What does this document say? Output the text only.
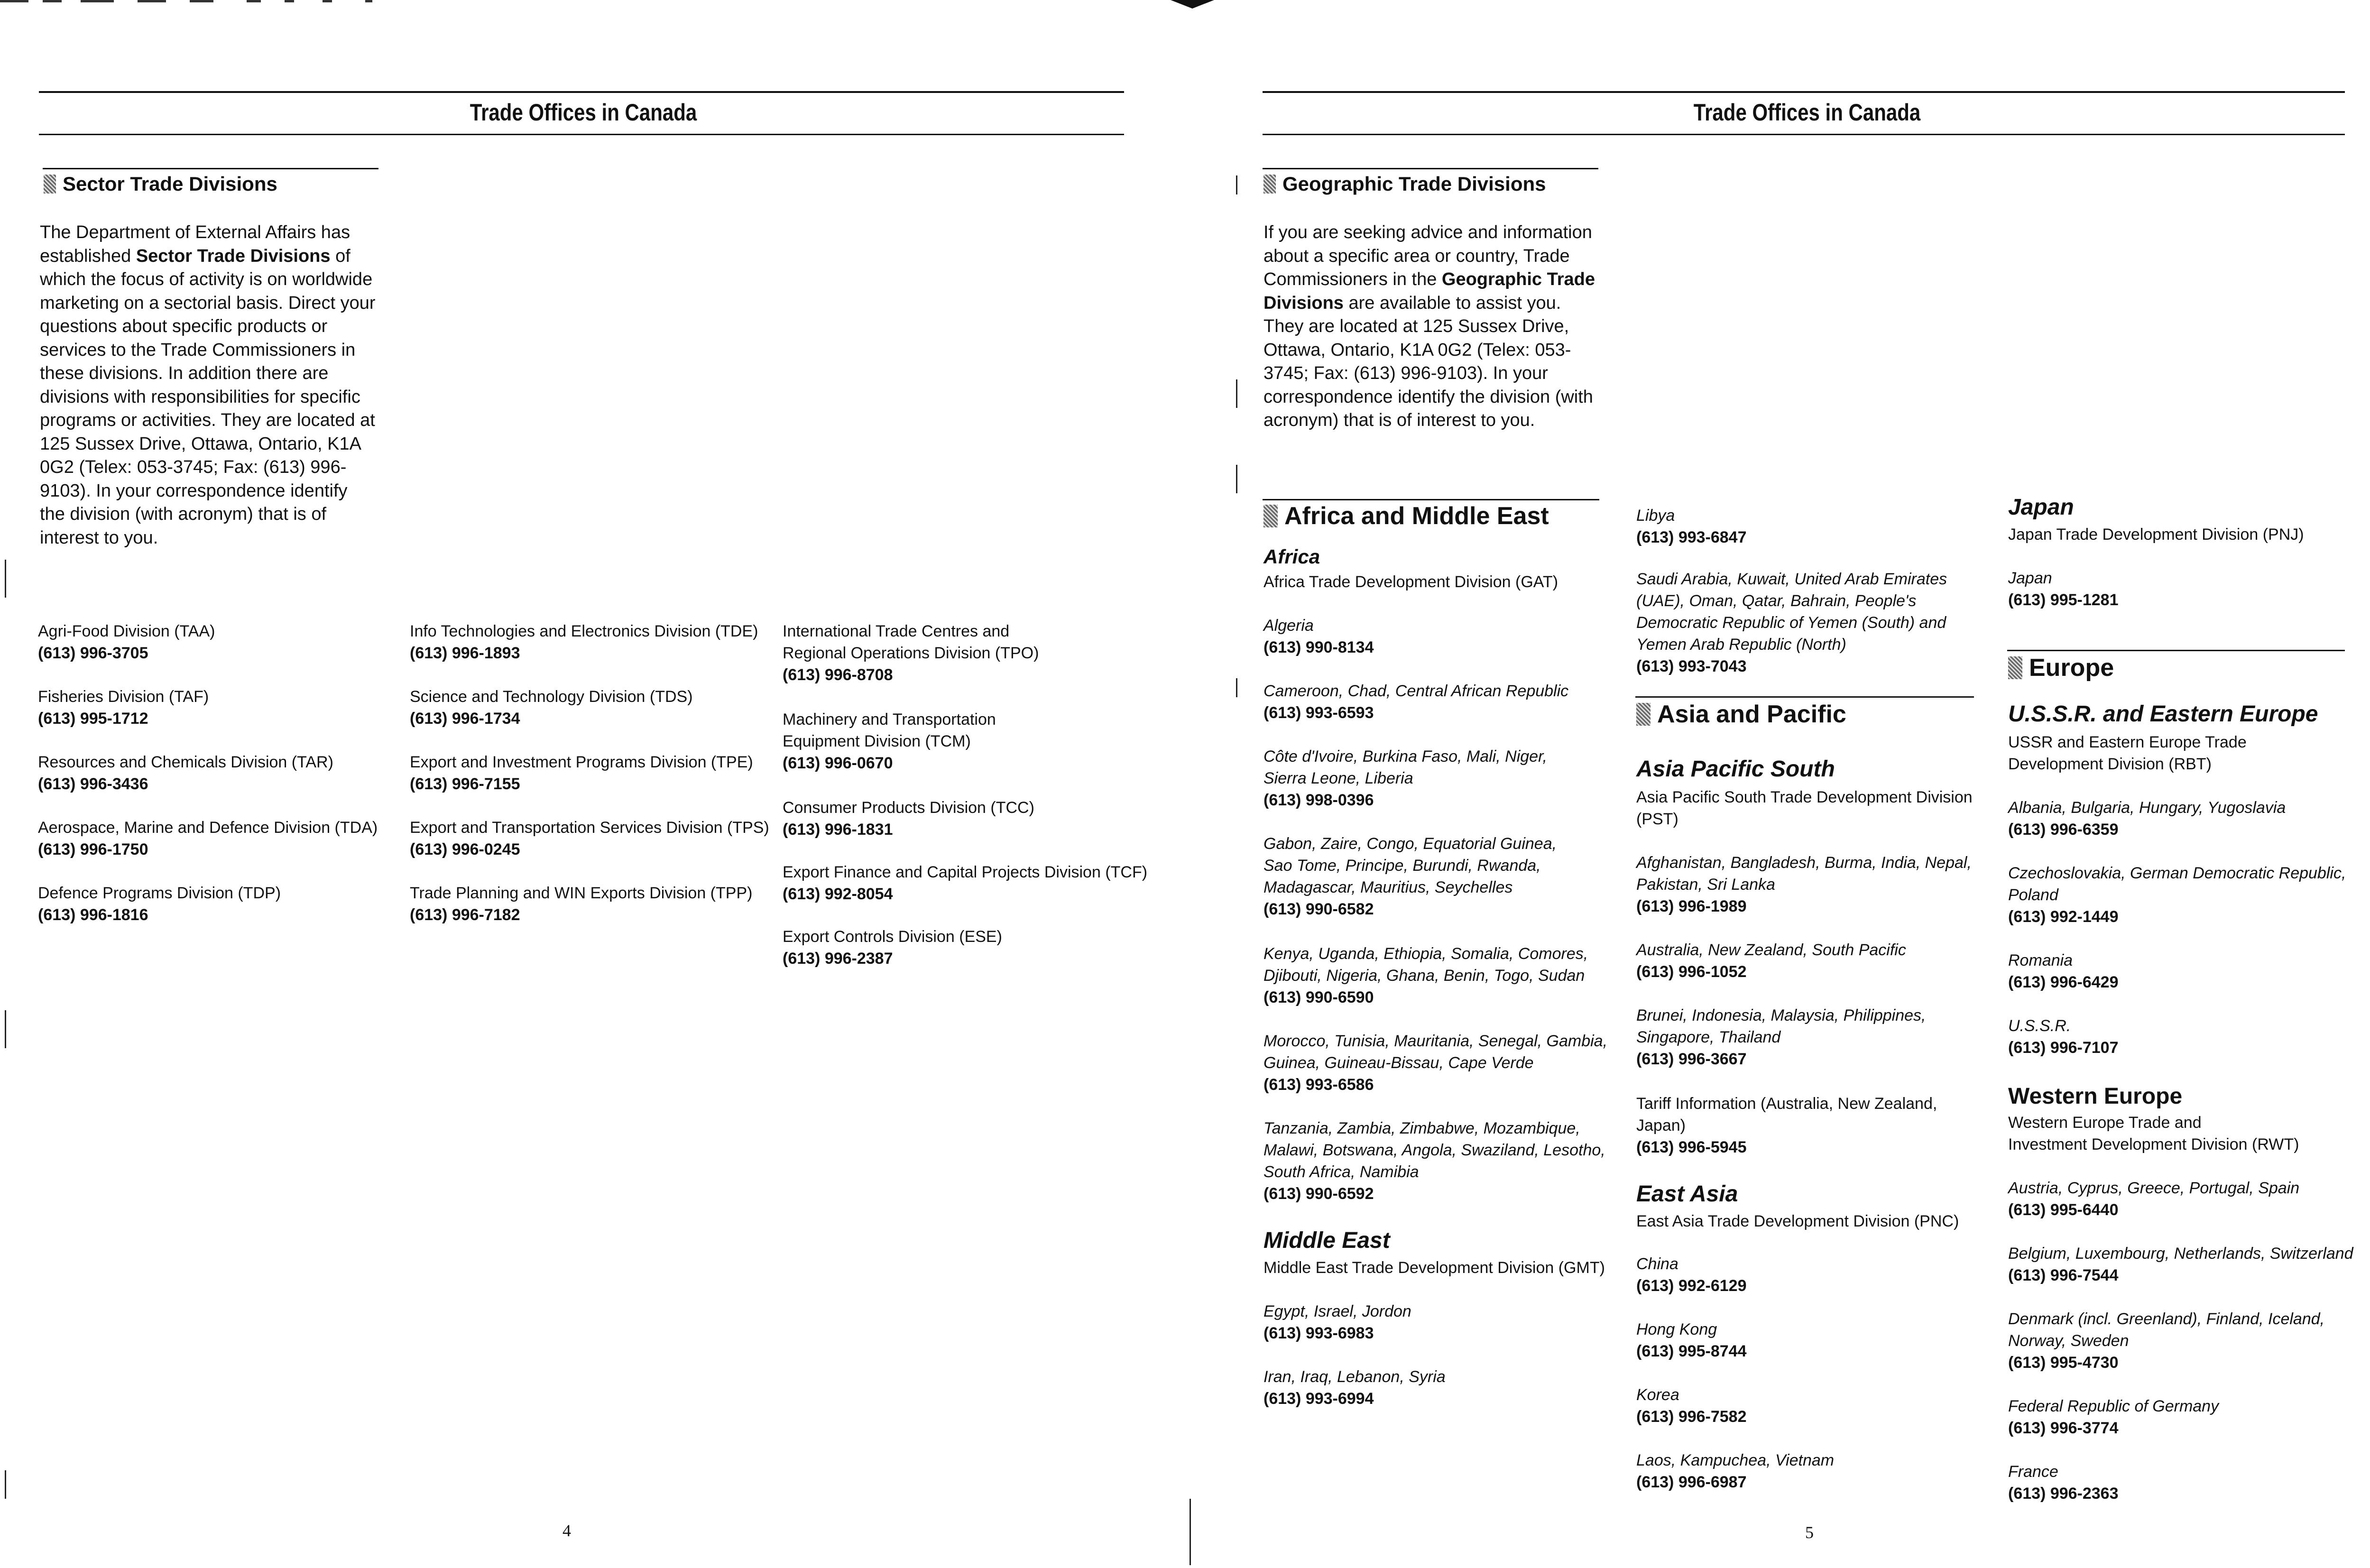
Trade Offices in Canada
Sector Trade Divisions
The Department of External Affairs has established Sector Trade Divisions of which the focus of activity is on worldwide marketing on a sectorial basis. Direct your questions about specific products or services to the Trade Commissioners in these divisions. In addition there are divisions with responsibilities for specific programs or activities. They are located at 125 Sussex Drive, Ottawa, Ontario, K1A 0G2 (Telex: 053-3745; Fax: (613) 996-9103). In your correspondence identify the division (with acronym) that is of interest to you.
Agri-Food Division (TAA)
(613) 996-3705
Fisheries Division (TAF)
(613) 995-1712
Resources and Chemicals Division (TAR)
(613) 996-3436
Aerospace, Marine and Defence Division (TDA)
(613) 996-1750
Defence Programs Division (TDP)
(613) 996-1816
Info Technologies and Electronics Division (TDE)
(613) 996-1893
Science and Technology Division (TDS)
(613) 996-1734
Export and Investment Programs Division (TPE)
(613) 996-7155
Export and Transportation Services Division (TPS)
(613) 996-0245
Trade Planning and WIN Exports Division (TPP)
(613) 996-7182
International Trade Centres and
Regional Operations Division (TPO)
(613) 996-8708
Machinery and Transportation
Equipment Division (TCM)
(613) 996-0670
Consumer Products Division (TCC)
(613) 996-1831
Export Finance and Capital Projects Division (TCF)
(613) 992-8054
Export Controls Division (ESE)
(613) 996-2387
4
Trade Offices in Canada
Geographic Trade Divisions
If you are seeking advice and information about a specific area or country, Trade Commissioners in the Geographic Trade Divisions are available to assist you. They are located at 125 Sussex Drive, Ottawa, Ontario, K1A 0G2 (Telex: 053-3745; Fax: (613) 996-9103). In your correspondence identify the division (with acronym) that is of interest to you.
Africa and Middle East
Africa
Africa Trade Development Division (GAT)
Algeria
(613) 990-8134
Cameroon, Chad, Central African Republic
(613) 993-6593
Côte d'Ivoire, Burkina Faso, Mali, Niger,
Sierra Leone, Liberia
(613) 998-0396
Gabon, Zaire, Congo, Equatorial Guinea,
Sao Tome, Principe, Burundi, Rwanda,
Madagascar, Mauritius, Seychelles
(613) 990-6582
Kenya, Uganda, Ethiopia, Somalia, Comores,
Djibouti, Nigeria, Ghana, Benin, Togo, Sudan
(613) 990-6590
Morocco, Tunisia, Mauritania, Senegal, Gambia,
Guinea, Guineau-Bissau, Cape Verde
(613) 993-6586
Tanzania, Zambia, Zimbabwe, Mozambique,
Malawi, Botswana, Angola, Swaziland, Lesotho,
South Africa, Namibia
(613) 990-6592
Middle East
Middle East Trade Development Division (GMT)
Egypt, Israel, Jordon
(613) 993-6983
Iran, Iraq, Lebanon, Syria
(613) 993-6994
Libya
(613) 993-6847
Saudi Arabia, Kuwait, United Arab Emirates
(UAE), Oman, Qatar, Bahrain, People's
Democratic Republic of Yemen (South) and
Yemen Arab Republic (North)
(613) 993-7043
Asia and Pacific
Asia Pacific South
Asia Pacific South Trade Development Division
(PST)
Afghanistan, Bangladesh, Burma, India, Nepal,
Pakistan, Sri Lanka
(613) 996-1989
Australia, New Zealand, South Pacific
(613) 996-1052
Brunei, Indonesia, Malaysia, Philippines,
Singapore, Thailand
(613) 996-3667
Tariff Information (Australia, New Zealand,
Japan)
(613) 996-5945
East Asia
East Asia Trade Development Division (PNC)
China
(613) 992-6129
Hong Kong
(613) 995-8744
Korea
(613) 996-7582
Laos, Kampuchea, Vietnam
(613) 996-6987
Japan
Japan Trade Development Division (PNJ)
Japan
(613) 995-1281
Europe
U.S.S.R. and Eastern Europe
USSR and Eastern Europe Trade
Development Division (RBT)
Albania, Bulgaria, Hungary, Yugoslavia
(613) 996-6359
Czechoslovakia, German Democratic Republic,
Poland
(613) 992-1449
Romania
(613) 996-6429
U.S.S.R.
(613) 996-7107
Western Europe
Western Europe Trade and
Investment Development Division (RWT)
Austria, Cyprus, Greece, Portugal, Spain
(613) 995-6440
Belgium, Luxembourg, Netherlands, Switzerland
(613) 996-7544
Denmark (incl. Greenland), Finland, Iceland,
Norway, Sweden
(613) 995-4730
Federal Republic of Germany
(613) 996-3774
France
(613) 996-2363
5
